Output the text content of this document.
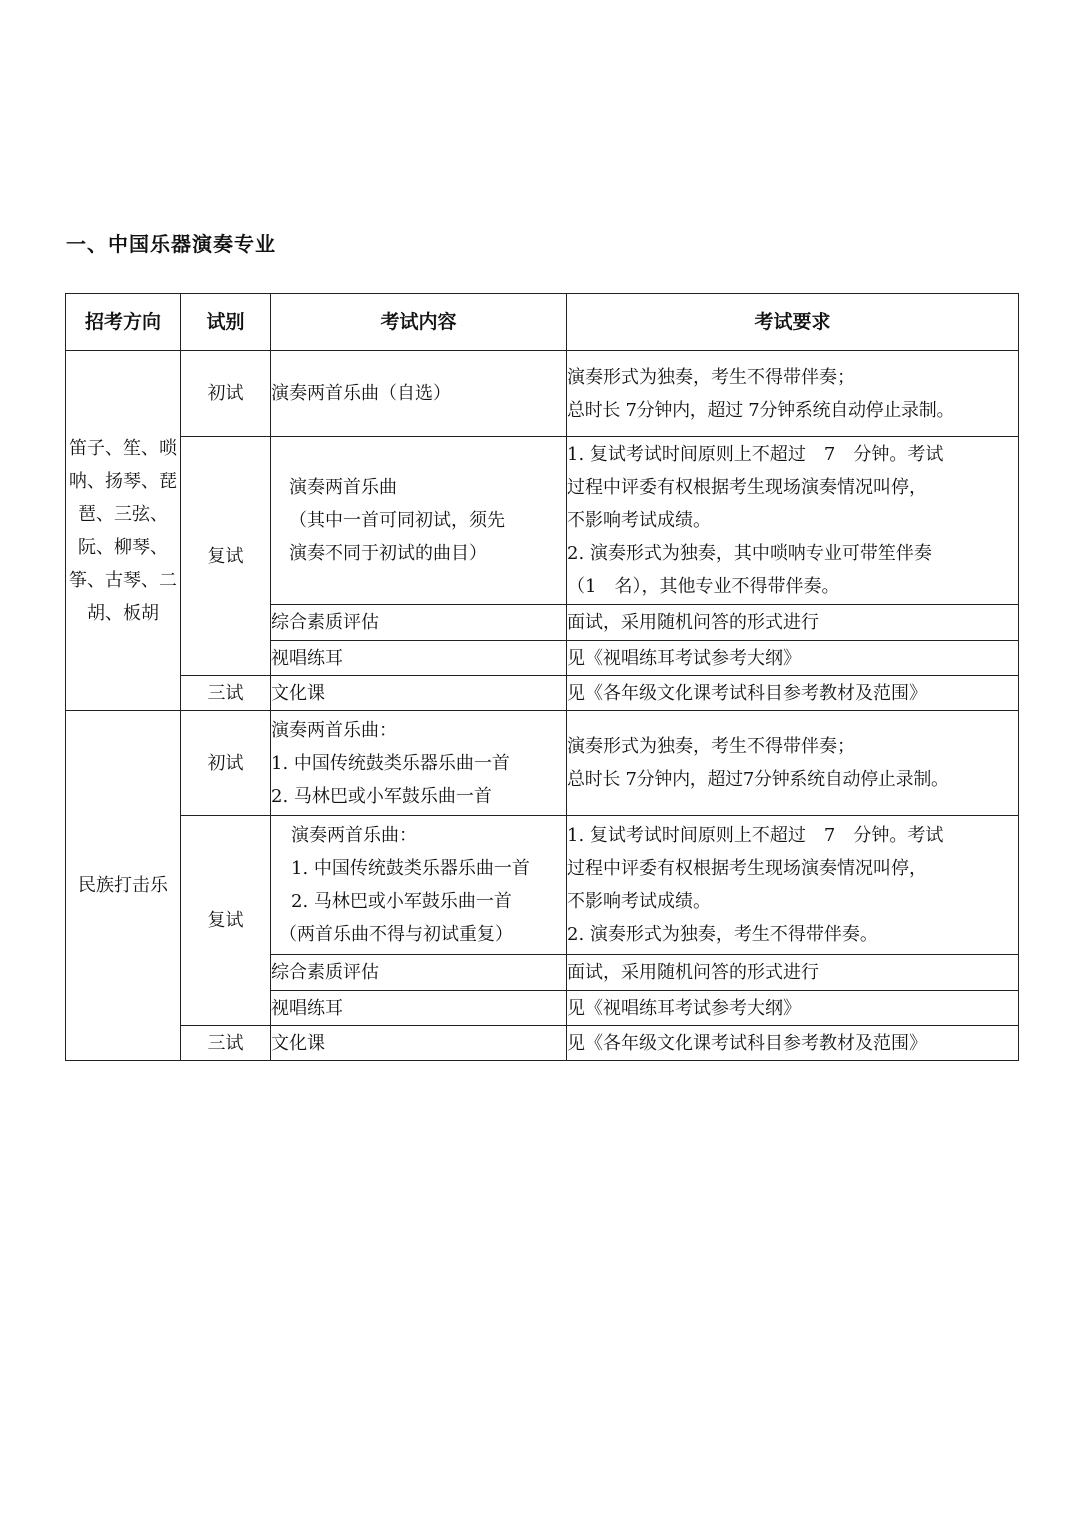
一、中国乐器演奏专业
招考方向	试别	考试内容	考试要求
笛子、笙、唢呐、扬琴、琵琶、三弦、阮、柳琴、筝、古琴、二胡、板胡	初试	演奏两首乐曲（自选）	演奏形式为独奏，考生不得带伴奏；
总时长 7分钟内，超过 7分钟系统自动停止录制。

	复试	演奏两首乐曲
（其中一首可同初试，须先
演奏不同于初试的曲目）	1. 复试考试时间原则上不超过　7　分钟。考试
过程中评委有权根据考生现场演奏情况叫停，
不影响考试成绩。
2. 演奏形式为独奏，其中唢呐专业可带笙伴奏
（1　名），其他专业不得带伴奏。

		综合素质评估	面试，采用随机问答的形式进行
		视唱练耳	见《视唱练耳考试参考大纲》
	三试	文化课	见《各年级文化课考试科目参考教材及范围》
民族打击乐	初试	演奏两首乐曲：
1. 中国传统鼓类乐器乐曲一首
2. 马林巴或小军鼓乐曲一首	演奏形式为独奏，考生不得带伴奏；
总时长 7分钟内，超过7分钟系统自动停止录制。

	复试	演奏两首乐曲：
1. 中国传统鼓类乐器乐曲一首
2. 马林巴或小军鼓乐曲一首
（两首乐曲不得与初试重复）	1. 复试考试时间原则上不超过　7　分钟。考试
过程中评委有权根据考生现场演奏情况叫停，
不影响考试成绩。
2. 演奏形式为独奏，考生不得带伴奏。

		综合素质评估	面试，采用随机问答的形式进行
		视唱练耳	见《视唱练耳考试参考大纲》
	三试	文化课	见《各年级文化课考试科目参考教材及范围》
